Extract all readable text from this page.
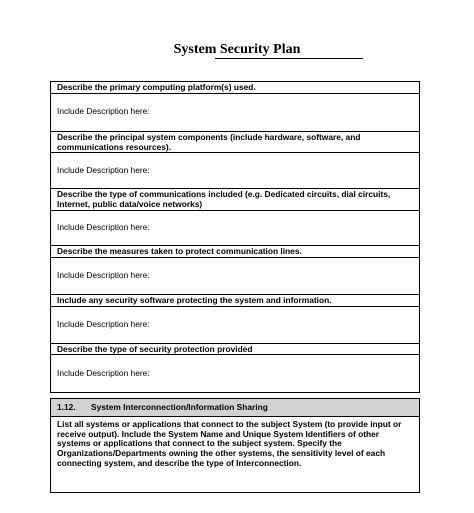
System Security Plan
Describe the primary computing platform(s) used.
Include Description here:
Describe the principal system components (include hardware, software, and communications resources).
Include Description here:
Describe the type of communications included (e.g. Dedicated circuits, dial circuits, Internet, public data/voice networks)
Include Description here:
Describe the measures taken to protect communication lines.
Include Description here:
Include any security software protecting the system and information.
Include Description here:
Describe the type of security protection provided
Include Description here:
1.12. System Interconnection/Information Sharing
List all systems or applications that connect to the subject System (to provide input or receive output). Include the System Name and Unique System Identifiers of other systems or applications that connect to the subject system. Specify the Organizations/Departments owning the other systems, the sensitivity level of each connecting system, and describe the type of Interconnection.
